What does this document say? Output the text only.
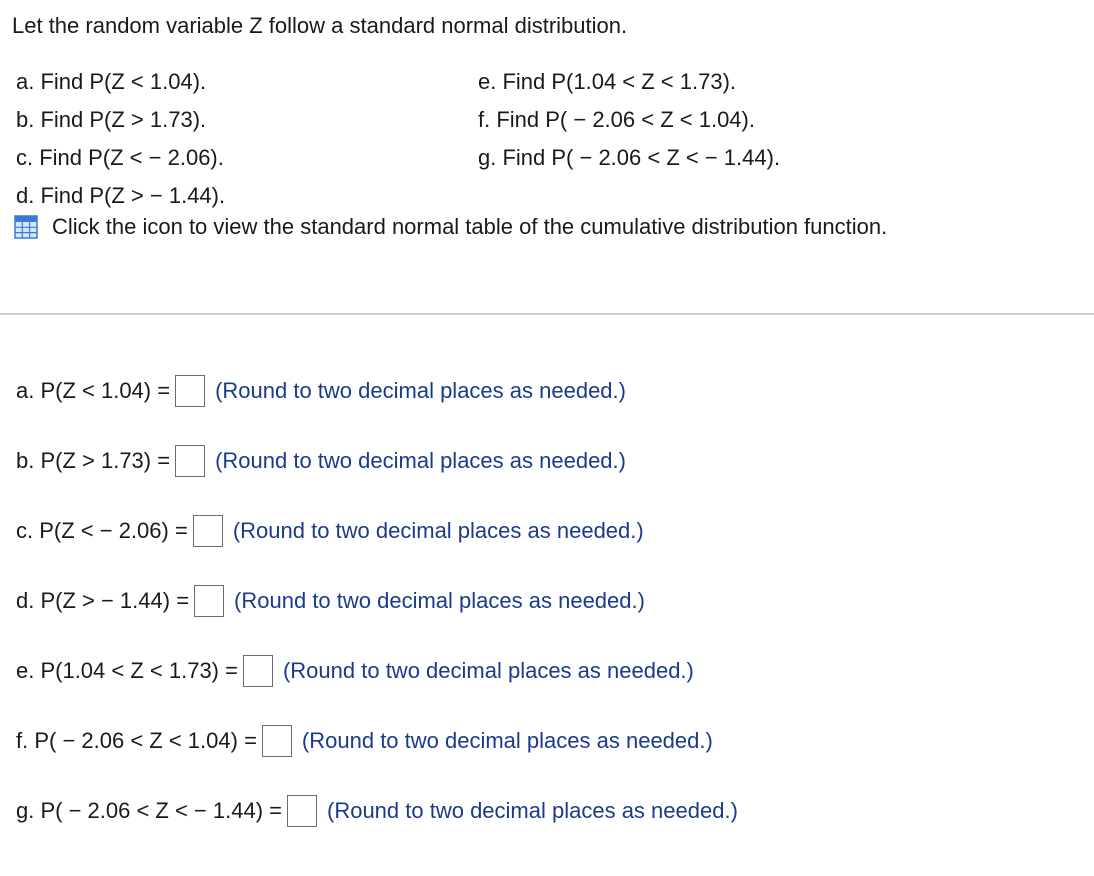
Let the random variable Z follow a standard normal distribution.
a. Find P(Z < 1.04).
b. Find P(Z > 1.73).
c. Find P(Z < − 2.06).
d. Find P(Z > − 1.44).
e. Find P(1.04 < Z < 1.73).
f. Find P( − 2.06 < Z < 1.04).
g. Find P( − 2.06 < Z < − 1.44).
Click the icon to view the standard normal table of the cumulative distribution function.
a. P(Z < 1.04) = (Round to two decimal places as needed.)
b. P(Z > 1.73) = (Round to two decimal places as needed.)
c. P(Z < − 2.06) = (Round to two decimal places as needed.)
d. P(Z > − 1.44) = (Round to two decimal places as needed.)
e. P(1.04 < Z < 1.73) = (Round to two decimal places as needed.)
f. P( − 2.06 < Z < 1.04) = (Round to two decimal places as needed.)
g. P( − 2.06 < Z < − 1.44) = (Round to two decimal places as needed.)
